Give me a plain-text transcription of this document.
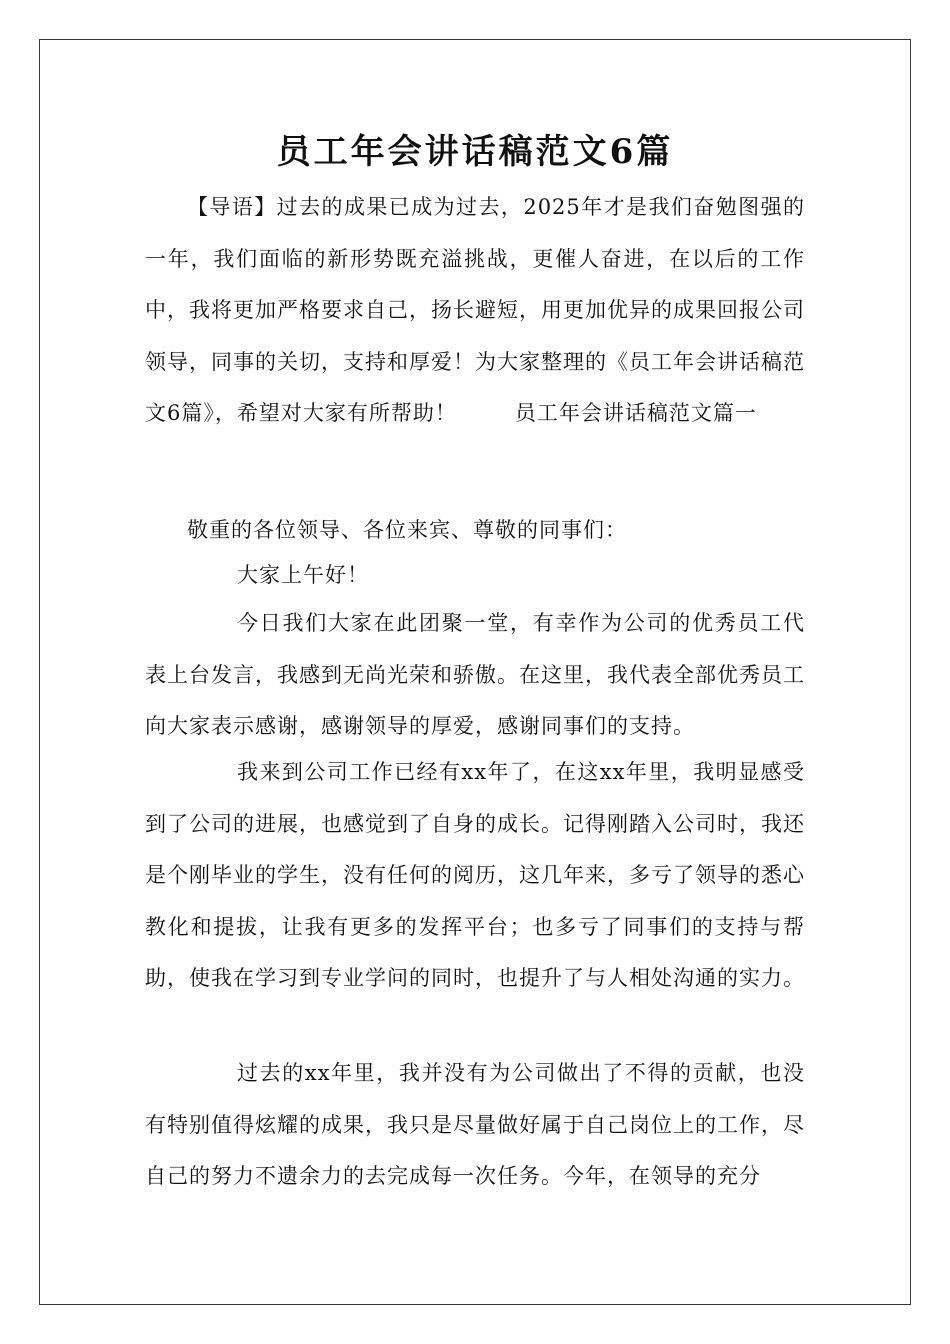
员工年会讲话稿范文6篇
【导语】过去的成果已成为过去，2025年才是我们奋勉图强的一年，我们面临的新形势既充溢挑战，更催人奋进，在以后的工作中，我将更加严格要求自己，扬长避短，用更加优异的成果回报公司领导，同事的关切，支持和厚爱！为大家整理的《员工年会讲话稿范文6篇》，希望对大家有所帮助！	员工年会讲话稿范文篇一
敬重的各位领导、各位来宾、尊敬的同事们：
大家上午好！
今日我们大家在此团聚一堂，有幸作为公司的优秀员工代表上台发言，我感到无尚光荣和骄傲。在这里，我代表全部优秀员工向大家表示感谢，感谢领导的厚爱，感谢同事们的支持。
我来到公司工作已经有xx年了，在这xx年里，我明显感受到了公司的进展，也感觉到了自身的成长。记得刚踏入公司时，我还是个刚毕业的学生，没有任何的阅历，这几年来，多亏了领导的悉心教化和提拔，让我有更多的发挥平台；也多亏了同事们的支持与帮助，使我在学习到专业学问的同时，也提升了与人相处沟通的实力。
过去的xx年里，我并没有为公司做出了不得的贡献，也没有特别值得炫耀的成果，我只是尽量做好属于自己岗位上的工作，尽自己的努力不遗余力的去完成每一次任务。今年，在领导的充分
